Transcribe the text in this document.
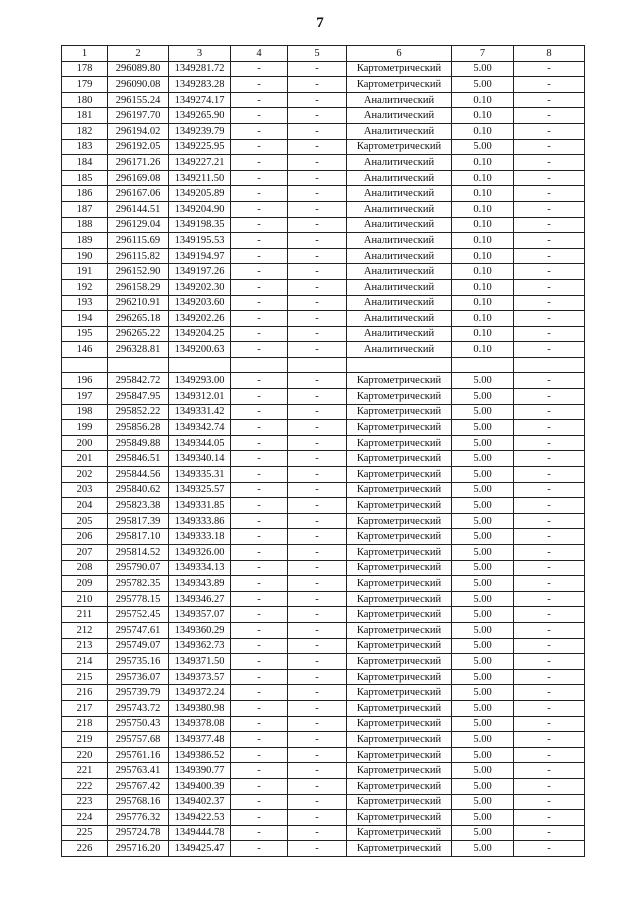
7
1	2	3	4	5	6	7	8
178	296089.80	1349281.72	-	-	Картометрический	5.00	-
179	296090.08	1349283.28	-	-	Картометрический	5.00	-
180	296155.24	1349274.17	-	-	Аналитический	0.10	-
181	296197.70	1349265.90	-	-	Аналитический	0.10	-
182	296194.02	1349239.79	-	-	Аналитический	0.10	-
183	296192.05	1349225.95	-	-	Картометрический	5.00	-
184	296171.26	1349227.21	-	-	Аналитический	0.10	-
185	296169.08	1349211.50	-	-	Аналитический	0.10	-
186	296167.06	1349205.89	-	-	Аналитический	0.10	-
187	296144.51	1349204.90	-	-	Аналитический	0.10	-
188	296129.04	1349198.35	-	-	Аналитический	0.10	-
189	296115.69	1349195.53	-	-	Аналитический	0.10	-
190	296115.82	1349194.97	-	-	Аналитический	0.10	-
191	296152.90	1349197.26	-	-	Аналитический	0.10	-
192	296158.29	1349202.30	-	-	Аналитический	0.10	-
193	296210.91	1349203.60	-	-	Аналитический	0.10	-
194	296265.18	1349202.26	-	-	Аналитический	0.10	-
195	296265.22	1349204.25	-	-	Аналитический	0.10	-
146	296328.81	1349200.63	-	-	Аналитический	0.10	-

196	295842.72	1349293.00	-	-	Картометрический	5.00	-
197	295847.95	1349312.01	-	-	Картометрический	5.00	-
198	295852.22	1349331.42	-	-	Картометрический	5.00	-
199	295856.28	1349342.74	-	-	Картометрический	5.00	-
200	295849.88	1349344.05	-	-	Картометрический	5.00	-
201	295846.51	1349340.14	-	-	Картометрический	5.00	-
202	295844.56	1349335.31	-	-	Картометрический	5.00	-
203	295840.62	1349325.57	-	-	Картометрический	5.00	-
204	295823.38	1349331.85	-	-	Картометрический	5.00	-
205	295817.39	1349333.86	-	-	Картометрический	5.00	-
206	295817.10	1349333.18	-	-	Картометрический	5.00	-
207	295814.52	1349326.00	-	-	Картометрический	5.00	-
208	295790.07	1349334.13	-	-	Картометрический	5.00	-
209	295782.35	1349343.89	-	-	Картометрический	5.00	-
210	295778.15	1349346.27	-	-	Картометрический	5.00	-
211	295752.45	1349357.07	-	-	Картометрический	5.00	-
212	295747.61	1349360.29	-	-	Картометрический	5.00	-
213	295749.07	1349362.73	-	-	Картометрический	5.00	-
214	295735.16	1349371.50	-	-	Картометрический	5.00	-
215	295736.07	1349373.57	-	-	Картометрический	5.00	-
216	295739.79	1349372.24	-	-	Картометрический	5.00	-
217	295743.72	1349380.98	-	-	Картометрический	5.00	-
218	295750.43	1349378.08	-	-	Картометрический	5.00	-
219	295757.68	1349377.48	-	-	Картометрический	5.00	-
220	295761.16	1349386.52	-	-	Картометрический	5.00	-
221	295763.41	1349390.77	-	-	Картометрический	5.00	-
222	295767.42	1349400.39	-	-	Картометрический	5.00	-
223	295768.16	1349402.37	-	-	Картометрический	5.00	-
224	295776.32	1349422.53	-	-	Картометрический	5.00	-
225	295724.78	1349444.78	-	-	Картометрический	5.00	-
226	295716.20	1349425.47	-	-	Картометрический	5.00	-
